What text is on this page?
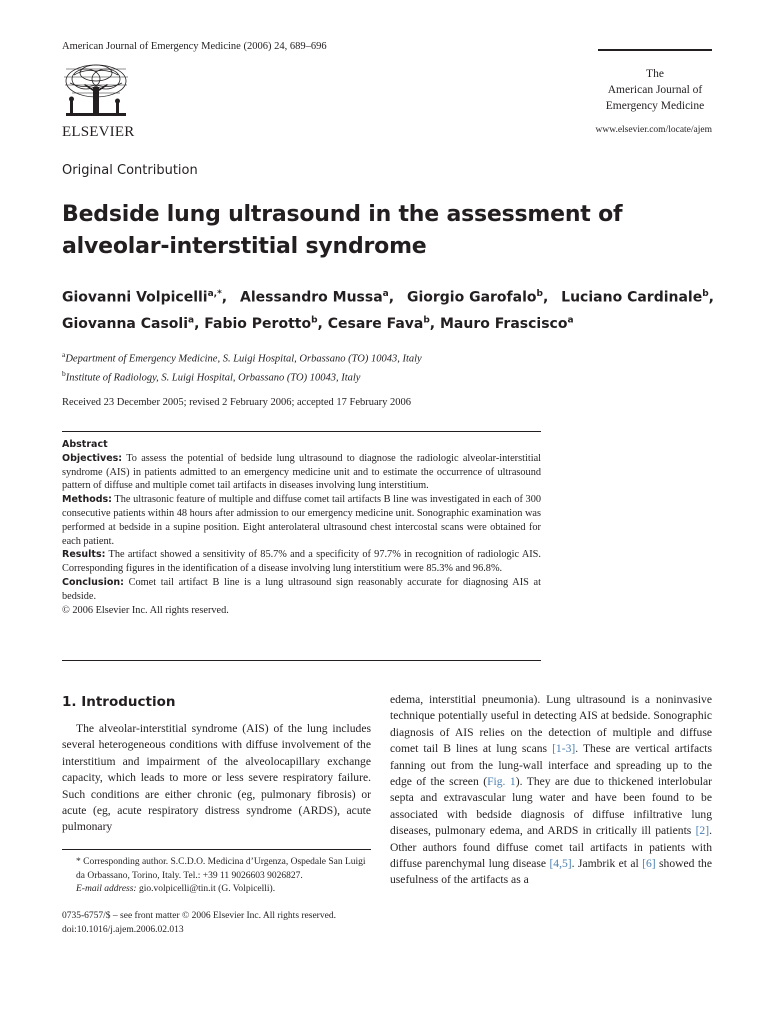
American Journal of Emergency Medicine (2006) 24, 689–696
ELSEVIER
The
American Journal of
Emergency Medicine
www.elsevier.com/locate/ajem
Original Contribution
Bedside lung ultrasound in the assessment of
alveolar-interstitial syndrome
Giovanni Volpicelli$^{a,*}$, Alessandro Mussa$^a$, Giorgio Garofalo$^b$, Luciano Cardinale$^b$,
Giovanna Casoli$^a$, Fabio Perotto$^b$, Cesare Fava$^b$, Mauro Frascisco$^a$
$^a$Department of Emergency Medicine, S. Luigi Hospital, Orbassano (TO) 10043, Italy
$^b$Institute of Radiology, S. Luigi Hospital, Orbassano (TO) 10043, Italy
Received 23 December 2005; revised 2 February 2006; accepted 17 February 2006

Abstract

Objectives: To assess the potential of bedside lung ultrasound to diagnose the radiologic alveolar-interstitial syndrome (AIS) in patients admitted to an emergency medicine unit and to estimate the occurrence of ultrasound pattern of diffuse and multiple comet tail artifacts in diseases involving lung interstitium.

Methods: The ultrasonic feature of multiple and diffuse comet tail artifacts B line was investigated in each of 300 consecutive patients within 48 hours after admission to our emergency medicine unit. Sonographic examination was performed at bedside in a supine position. Eight anterolateral ultrasound chest intercostal scans were obtained for each patient.

Results: The artifact showed a sensitivity of 85.7% and a specificity of 97.7% in recognition of radiologic AIS. Corresponding figures in the identification of a disease involving lung interstitium were 85.3% and 96.8%.

Conclusion: Comet tail artifact B line is a lung ultrasound sign reasonably accurate for diagnosing AIS at bedside.

© 2006 Elsevier Inc. All rights reserved.

1. Introduction
The alveolar-interstitial syndrome (AIS) of the lung includes several heterogeneous conditions with diffuse involvement of the interstitium and impairment of the alveolocapillary exchange capacity, which leads to more or less severe respiratory failure. Such conditions are either chronic (eg, pulmonary fibrosis) or acute (eg, acute respiratory distress syndrome (ARDS), acute pulmonary
edema, interstitial pneumonia). Lung ultrasound is a noninvasive technique potentially useful in detecting AIS at bedside. Sonographic diagnosis of AIS relies on the detection of multiple and diffuse comet tail B lines at lung scans [1-3]. These are vertical artifacts fanning out from the lung-wall interface and spreading up to the edge of the screen (Fig. 1). They are due to thickened interlobular septa and extravascular lung water and have been found to be associated with bedside diagnosis of diffuse infiltrative lung diseases, pulmonary edema, and ARDS in critically ill patients [2]. Other authors found diffuse comet tail artifacts in patients with diffuse parenchymal lung disease [4,5]. Jambrik et al [6] showed the usefulness of the artifacts as a
* Corresponding author. S.C.D.O. Medicina d’Urgenza, Ospedale San Luigi da Orbassano, Torino, Italy. Tel.: +39 11 9026603 9026827.
E-mail address: gio.volpicelli@tin.it (G. Volpicelli).
0735-6757/$ – see front matter © 2006 Elsevier Inc. All rights reserved.
doi:10.1016/j.ajem.2006.02.013
